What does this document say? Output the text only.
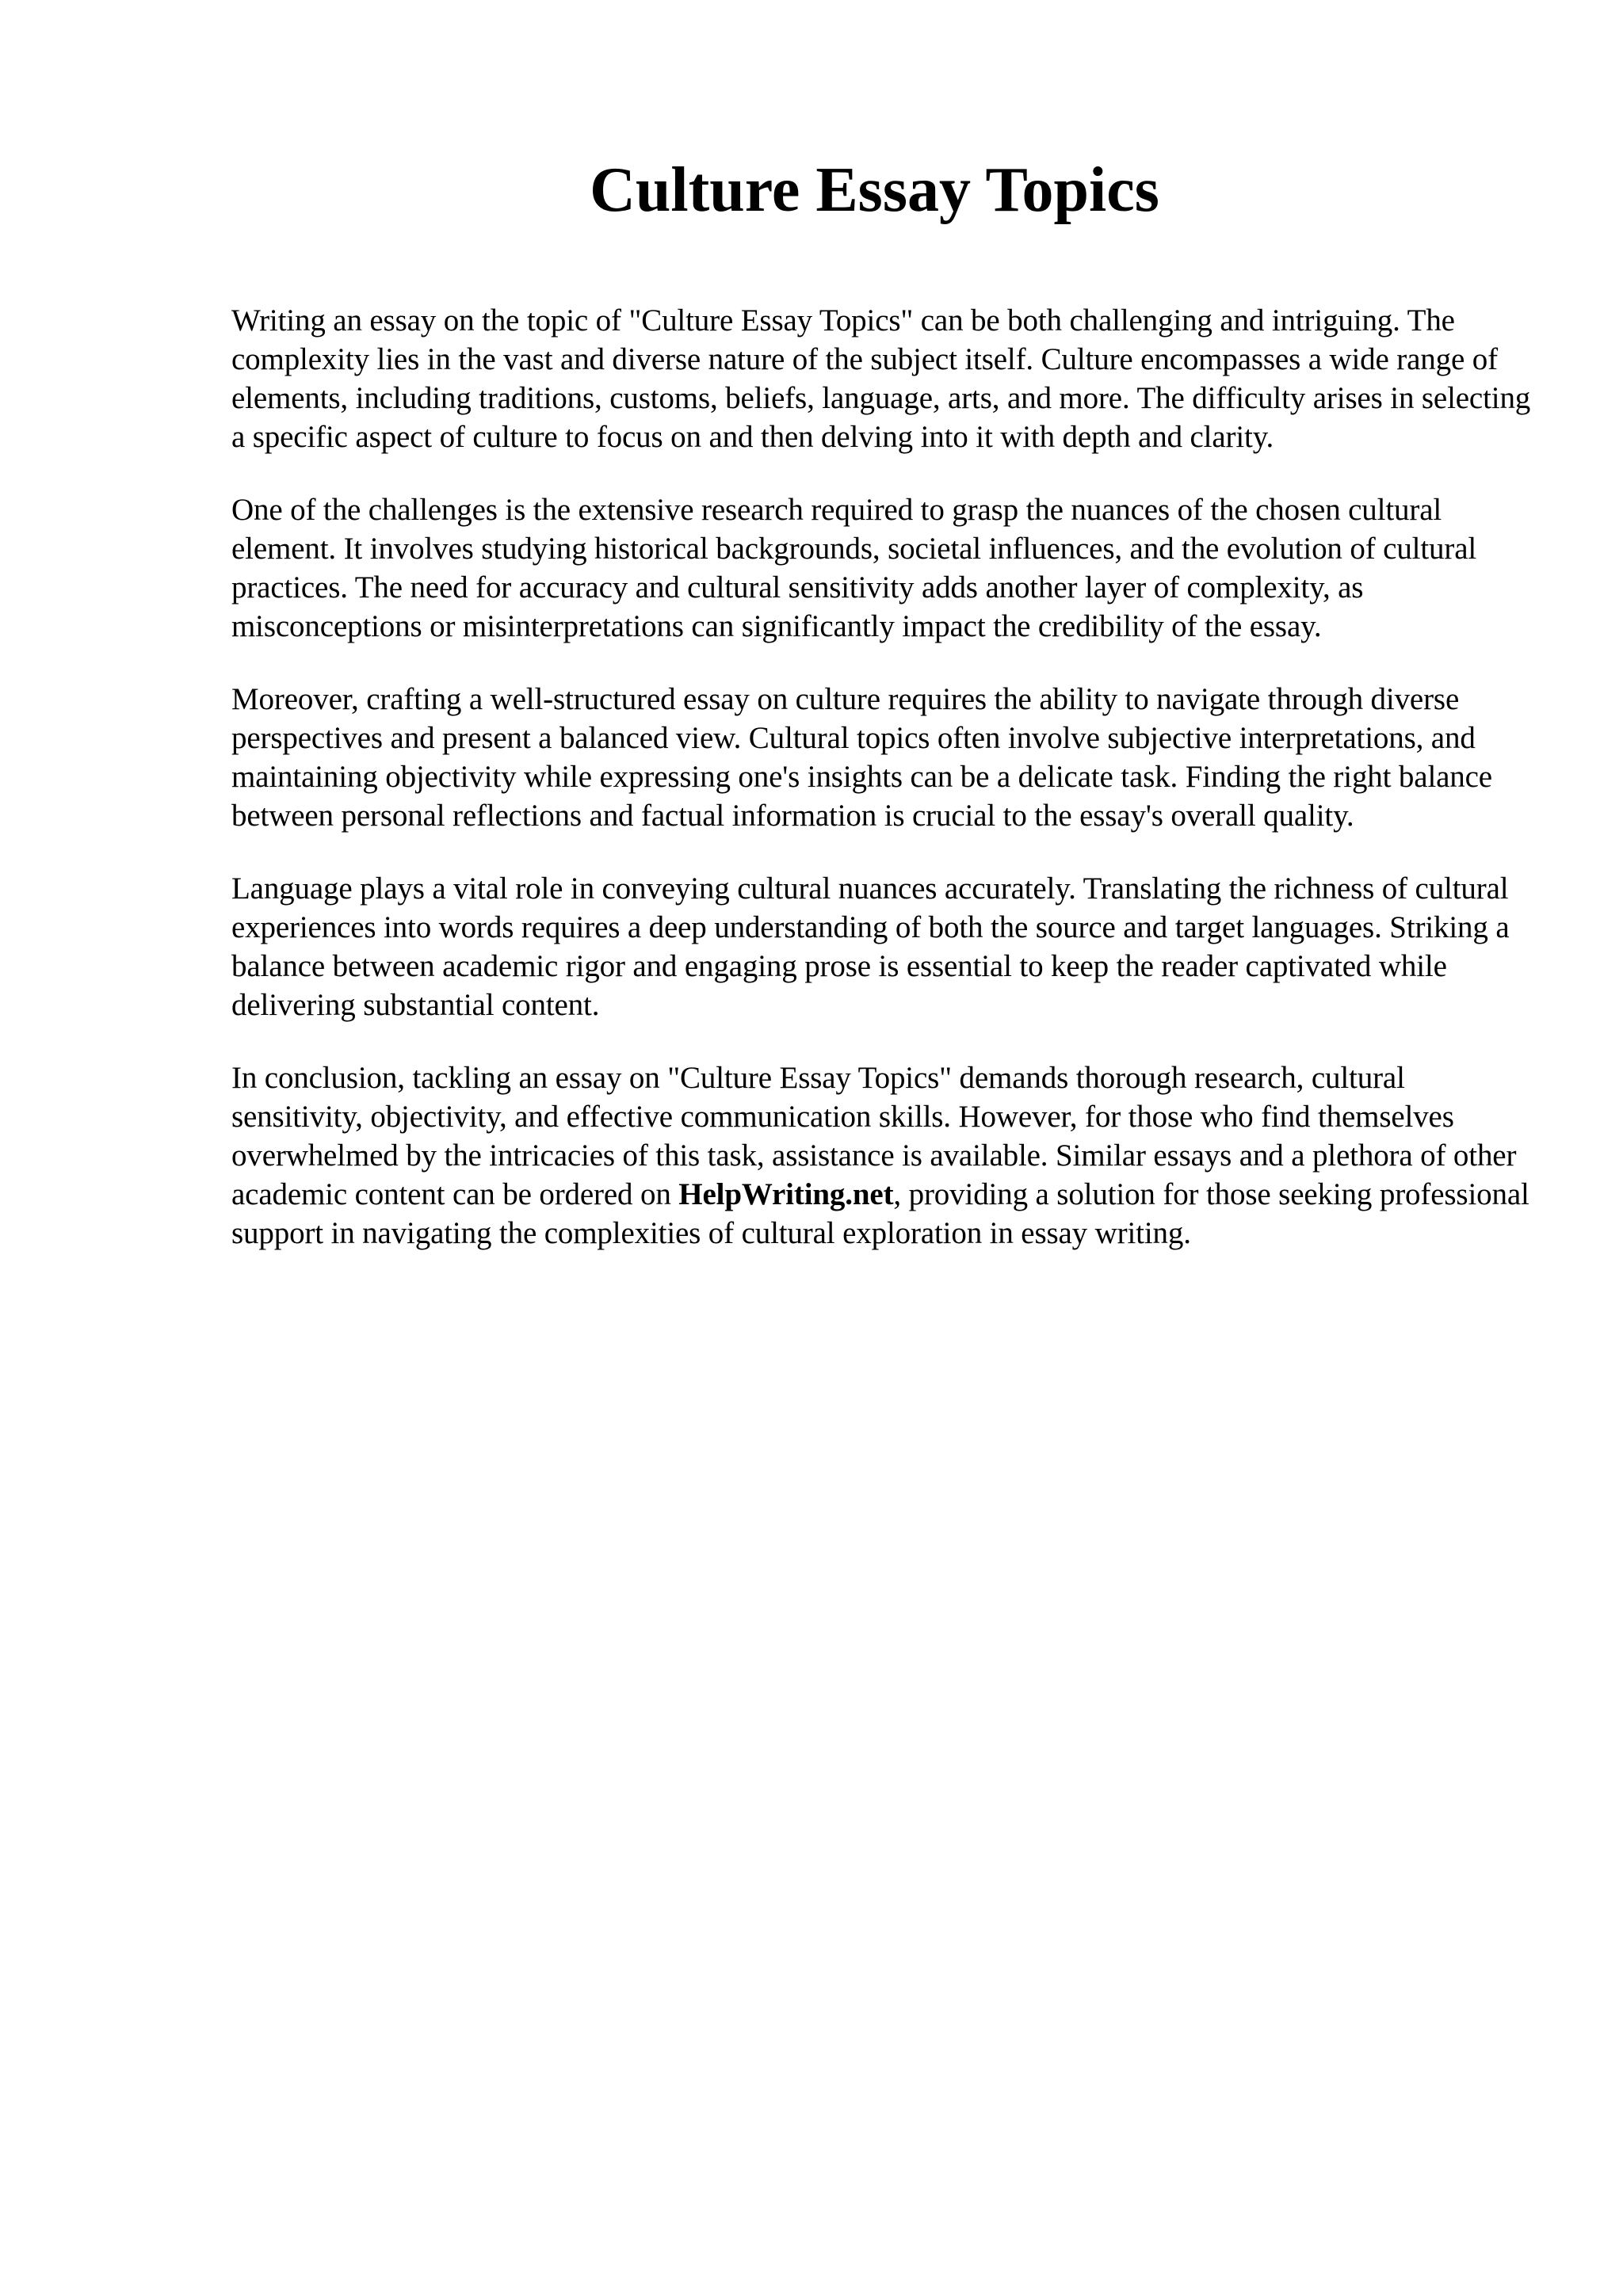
Culture Essay Topics

Writing an essay on the topic of "Culture Essay Topics" can be both challenging and intriguing. The complexity lies in the vast and diverse nature of the subject itself. Culture encompasses a wide range of elements, including traditions, customs, beliefs, language, arts, and more. The difficulty arises in selecting a specific aspect of culture to focus on and then delving into it with depth and clarity.

One of the challenges is the extensive research required to grasp the nuances of the chosen cultural element. It involves studying historical backgrounds, societal influences, and the evolution of cultural practices. The need for accuracy and cultural sensitivity adds another layer of complexity, as misconceptions or misinterpretations can significantly impact the credibility of the essay.

Moreover, crafting a well-structured essay on culture requires the ability to navigate through diverse perspectives and present a balanced view. Cultural topics often involve subjective interpretations, and maintaining objectivity while expressing one's insights can be a delicate task. Finding the right balance between personal reflections and factual information is crucial to the essay's overall quality.

Language plays a vital role in conveying cultural nuances accurately. Translating the richness of cultural experiences into words requires a deep understanding of both the source and target languages. Striking a balance between academic rigor and engaging prose is essential to keep the reader captivated while delivering substantial content.

In conclusion, tackling an essay on "Culture Essay Topics" demands thorough research, cultural sensitivity, objectivity, and effective communication skills. However, for those who find themselves overwhelmed by the intricacies of this task, assistance is available. Similar essays and a plethora of other academic content can be ordered on HelpWriting.net, providing a solution for those seeking professional support in navigating the complexities of cultural exploration in essay writing.
